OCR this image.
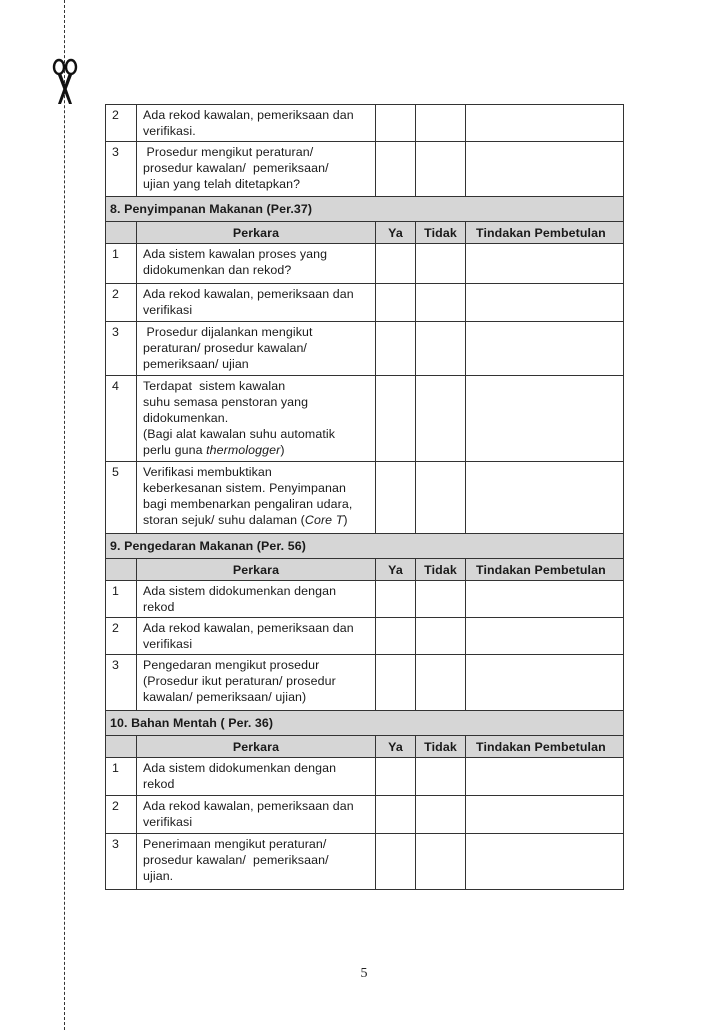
2	Ada rekod kawalan, pemeriksaan dan
verifikasi.			

3	Prosedur mengikut peraturan/
prosedur kawalan/  pemeriksaan/
ujian yang telah ditetapkan?			

8. Penyimpanan Makanan (Per.37)				
	Perkara	Ya	Tidak	Tindakan Pembetulan
1	Ada sistem kawalan proses yang
didokumenkan dan rekod?			

2	Ada rekod kawalan, pemeriksaan dan
verifikasi			

3	Prosedur dijalankan mengikut
peraturan/ prosedur kawalan/
pemeriksaan/ ujian			

4	Terdapat  sistem kawalan
suhu semasa penstoran yang
didokumenkan.
(Bagi alat kawalan suhu automatik
perlu guna thermologger)			

5	Verifikasi membuktikan
keberkesanan sistem. Penyimpanan
bagi membenarkan pengaliran udara,
storan sejuk/ suhu dalaman (Core T)			

9. Pengedaran Makanan (Per. 56)				
	Perkara	Ya	Tidak	Tindakan Pembetulan
1	Ada sistem didokumenkan dengan
rekod			

2	Ada rekod kawalan, pemeriksaan dan
verifikasi			

3	Pengedaran mengikut prosedur
(Prosedur ikut peraturan/ prosedur
kawalan/ pemeriksaan/ ujian)			

10. Bahan Mentah ( Per. 36)				
	Perkara	Ya	Tidak	Tindakan Pembetulan
1	Ada sistem didokumenkan dengan
rekod			

2	Ada rekod kawalan, pemeriksaan dan
verifikasi			

3	Penerimaan mengikut peraturan/
prosedur kawalan/  pemeriksaan/
ujian.			

5
